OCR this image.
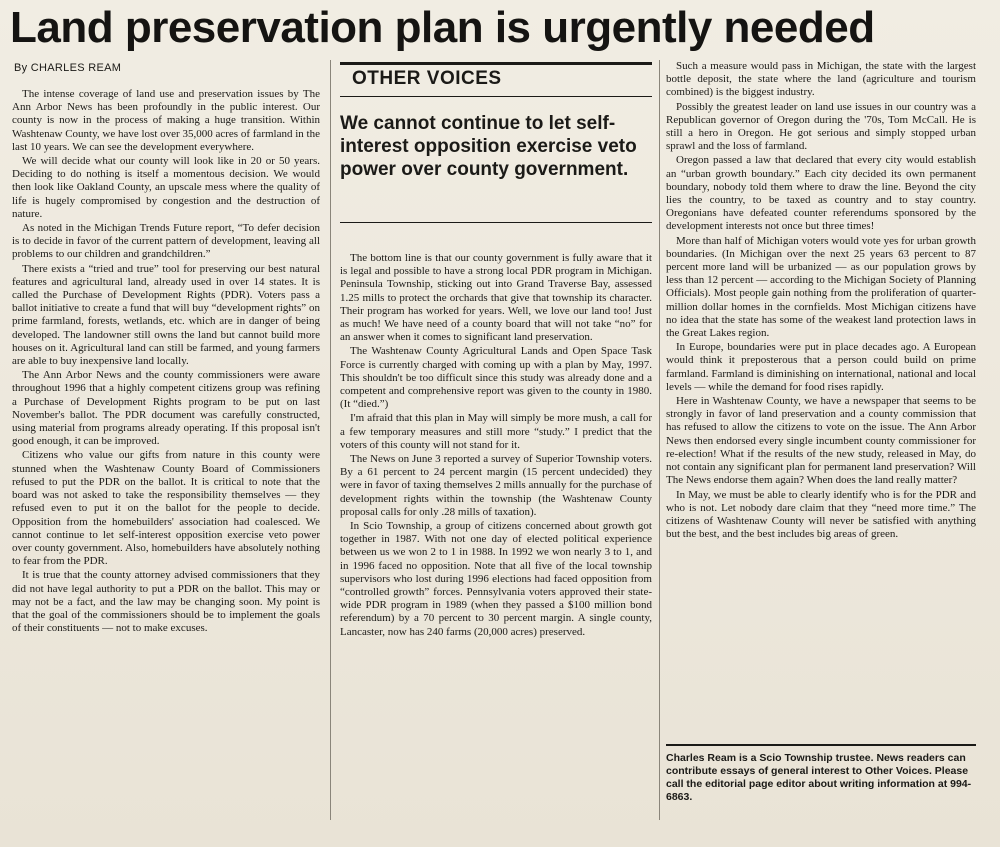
Land preservation plan is urgently needed
By CHARLES REAM

The intense coverage of land use and preservation issues by The Ann Arbor News has been profoundly in the public interest. Our county is now in the process of making a huge transition. Within Washtenaw County, we have lost over 35,000 acres of farmland in the last 10 years. We can see the development everywhere.

We will decide what our county will look like in 20 or 50 years. Deciding to do nothing is itself a momentous decision. We would then look like Oakland County, an upscale mess where the quality of life is hugely compromised by congestion and the destruction of nature.

As noted in the Michigan Trends Future report, “To defer decision is to decide in favor of the current pattern of development, leaving all problems to our children and grandchildren.”

There exists a “tried and true” tool for preserving our best natural features and agricultural land, already used in over 14 states. It is called the Purchase of Development Rights (PDR). Voters pass a ballot initiative to create a fund that will buy “development rights” on prime farmland, forests, wetlands, etc. which are in danger of being developed. The landowner still owns the land but cannot build more houses on it. Agricultural land can still be farmed, and young farmers are able to buy inexpensive land locally.

The Ann Arbor News and the county commissioners were aware throughout 1996 that a highly competent citizens group was refining a Purchase of Development Rights program to be put on last November's ballot. The PDR document was carefully constructed, using material from programs already operating. If this proposal isn't good enough, it can be improved.

Citizens who value our gifts from nature in this county were stunned when the Washtenaw County Board of Commissioners refused to put the PDR on the ballot. It is critical to note that the board was not asked to take the responsibility themselves — they refused even to put it on the ballot for the people to decide. Opposition from the homebuilders' association had coalesced. We cannot continue to let self-interest opposition exercise veto power over county government. Also, homebuilders have absolutely nothing to fear from the PDR.

It is true that the county attorney advised commissioners that they did not have legal authority to put a PDR on the ballot. This may or may not be a fact, and the law may be changing soon. My point is that the goal of the commissioners should be to implement the goals of their constituents — not to make excuses.

OTHER VOICES
We cannot continue to let self-interest opposition exercise veto power over county government.

The bottom line is that our county government is fully aware that it is legal and possible to have a strong local PDR program in Michigan. Peninsula Township, sticking out into Grand Traverse Bay, assessed 1.25 mills to protect the orchards that give that township its character. Their program has worked for years. Well, we love our land too! Just as much! We have need of a county board that will not take “no” for an answer when it comes to significant land preservation.

The Washtenaw County Agricultural Lands and Open Space Task Force is currently charged with coming up with a plan by May, 1997. This shouldn't be too difficult since this study was already done and a competent and comprehensive report was given to the county in 1980. (It “died.”)

I'm afraid that this plan in May will simply be more mush, a call for a few temporary measures and still more “study.” I predict that the voters of this county will not stand for it.

The News on June 3 reported a survey of Superior Township voters. By a 61 percent to 24 percent margin (15 percent undecided) they were in favor of taxing themselves 2 mills annually for the purchase of development rights within the township (the Washtenaw County proposal calls for only .28 mills of taxation).

In Scio Township, a group of citizens concerned about growth got together in 1987. With not one day of elected political experience between us we won 2 to 1 in 1988. In 1992 we won nearly 3 to 1, and in 1996 faced no opposition. Note that all five of the local township supervisors who lost during 1996 elections had faced opposition from “controlled growth” forces. Pennsylvania voters approved their state-wide PDR program in 1989 (when they passed a $100 million bond referendum) by a 70 percent to 30 percent margin. A single county, Lancaster, now has 240 farms (20,000 acres) preserved.

Such a measure would pass in Michigan, the state with the largest bottle deposit, the state where the land (agriculture and tourism combined) is the biggest industry.

Possibly the greatest leader on land use issues in our country was a Republican governor of Oregon during the '70s, Tom McCall. He is still a hero in Oregon. He got serious and simply stopped urban sprawl and the loss of farmland.

Oregon passed a law that declared that every city would establish an “urban growth boundary.” Each city decided its own permanent boundary, nobody told them where to draw the line. Beyond the city lies the country, to be taxed as country and to stay country. Oregonians have defeated counter referendums sponsored by the development interests not once but three times!

More than half of Michigan voters would vote yes for urban growth boundaries. (In Michigan over the next 25 years 63 percent to 87 percent more land will be urbanized — as our population grows by less than 12 percent — according to the Michigan Society of Planning Officials). Most people gain nothing from the proliferation of quarter-million dollar homes in the cornfields. Most Michigan citizens have no idea that the state has some of the weakest land protection laws in the Great Lakes region.

In Europe, boundaries were put in place decades ago. A European would think it preposterous that a person could build on prime farmland. Farmland is diminishing on international, national and local levels — while the demand for food rises rapidly.

Here in Washtenaw County, we have a newspaper that seems to be strongly in favor of land preservation and a county commission that has refused to allow the citizens to vote on the issue. The Ann Arbor News then endorsed every single incumbent county commissioner for re-election! What if the results of the new study, released in May, do not contain any significant plan for permanent land preservation? Will The News endorse them again? When does the land really matter?

In May, we must be able to clearly identify who is for the PDR and who is not. Let nobody dare claim that they “need more time.” The citizens of Washtenaw County will never be satisfied with anything but the best, and the best includes big areas of green.

Charles Ream is a Scio Township trustee. News readers can contribute essays of general interest to Other Voices. Please call the editorial page editor about writing information at 994-6863.
